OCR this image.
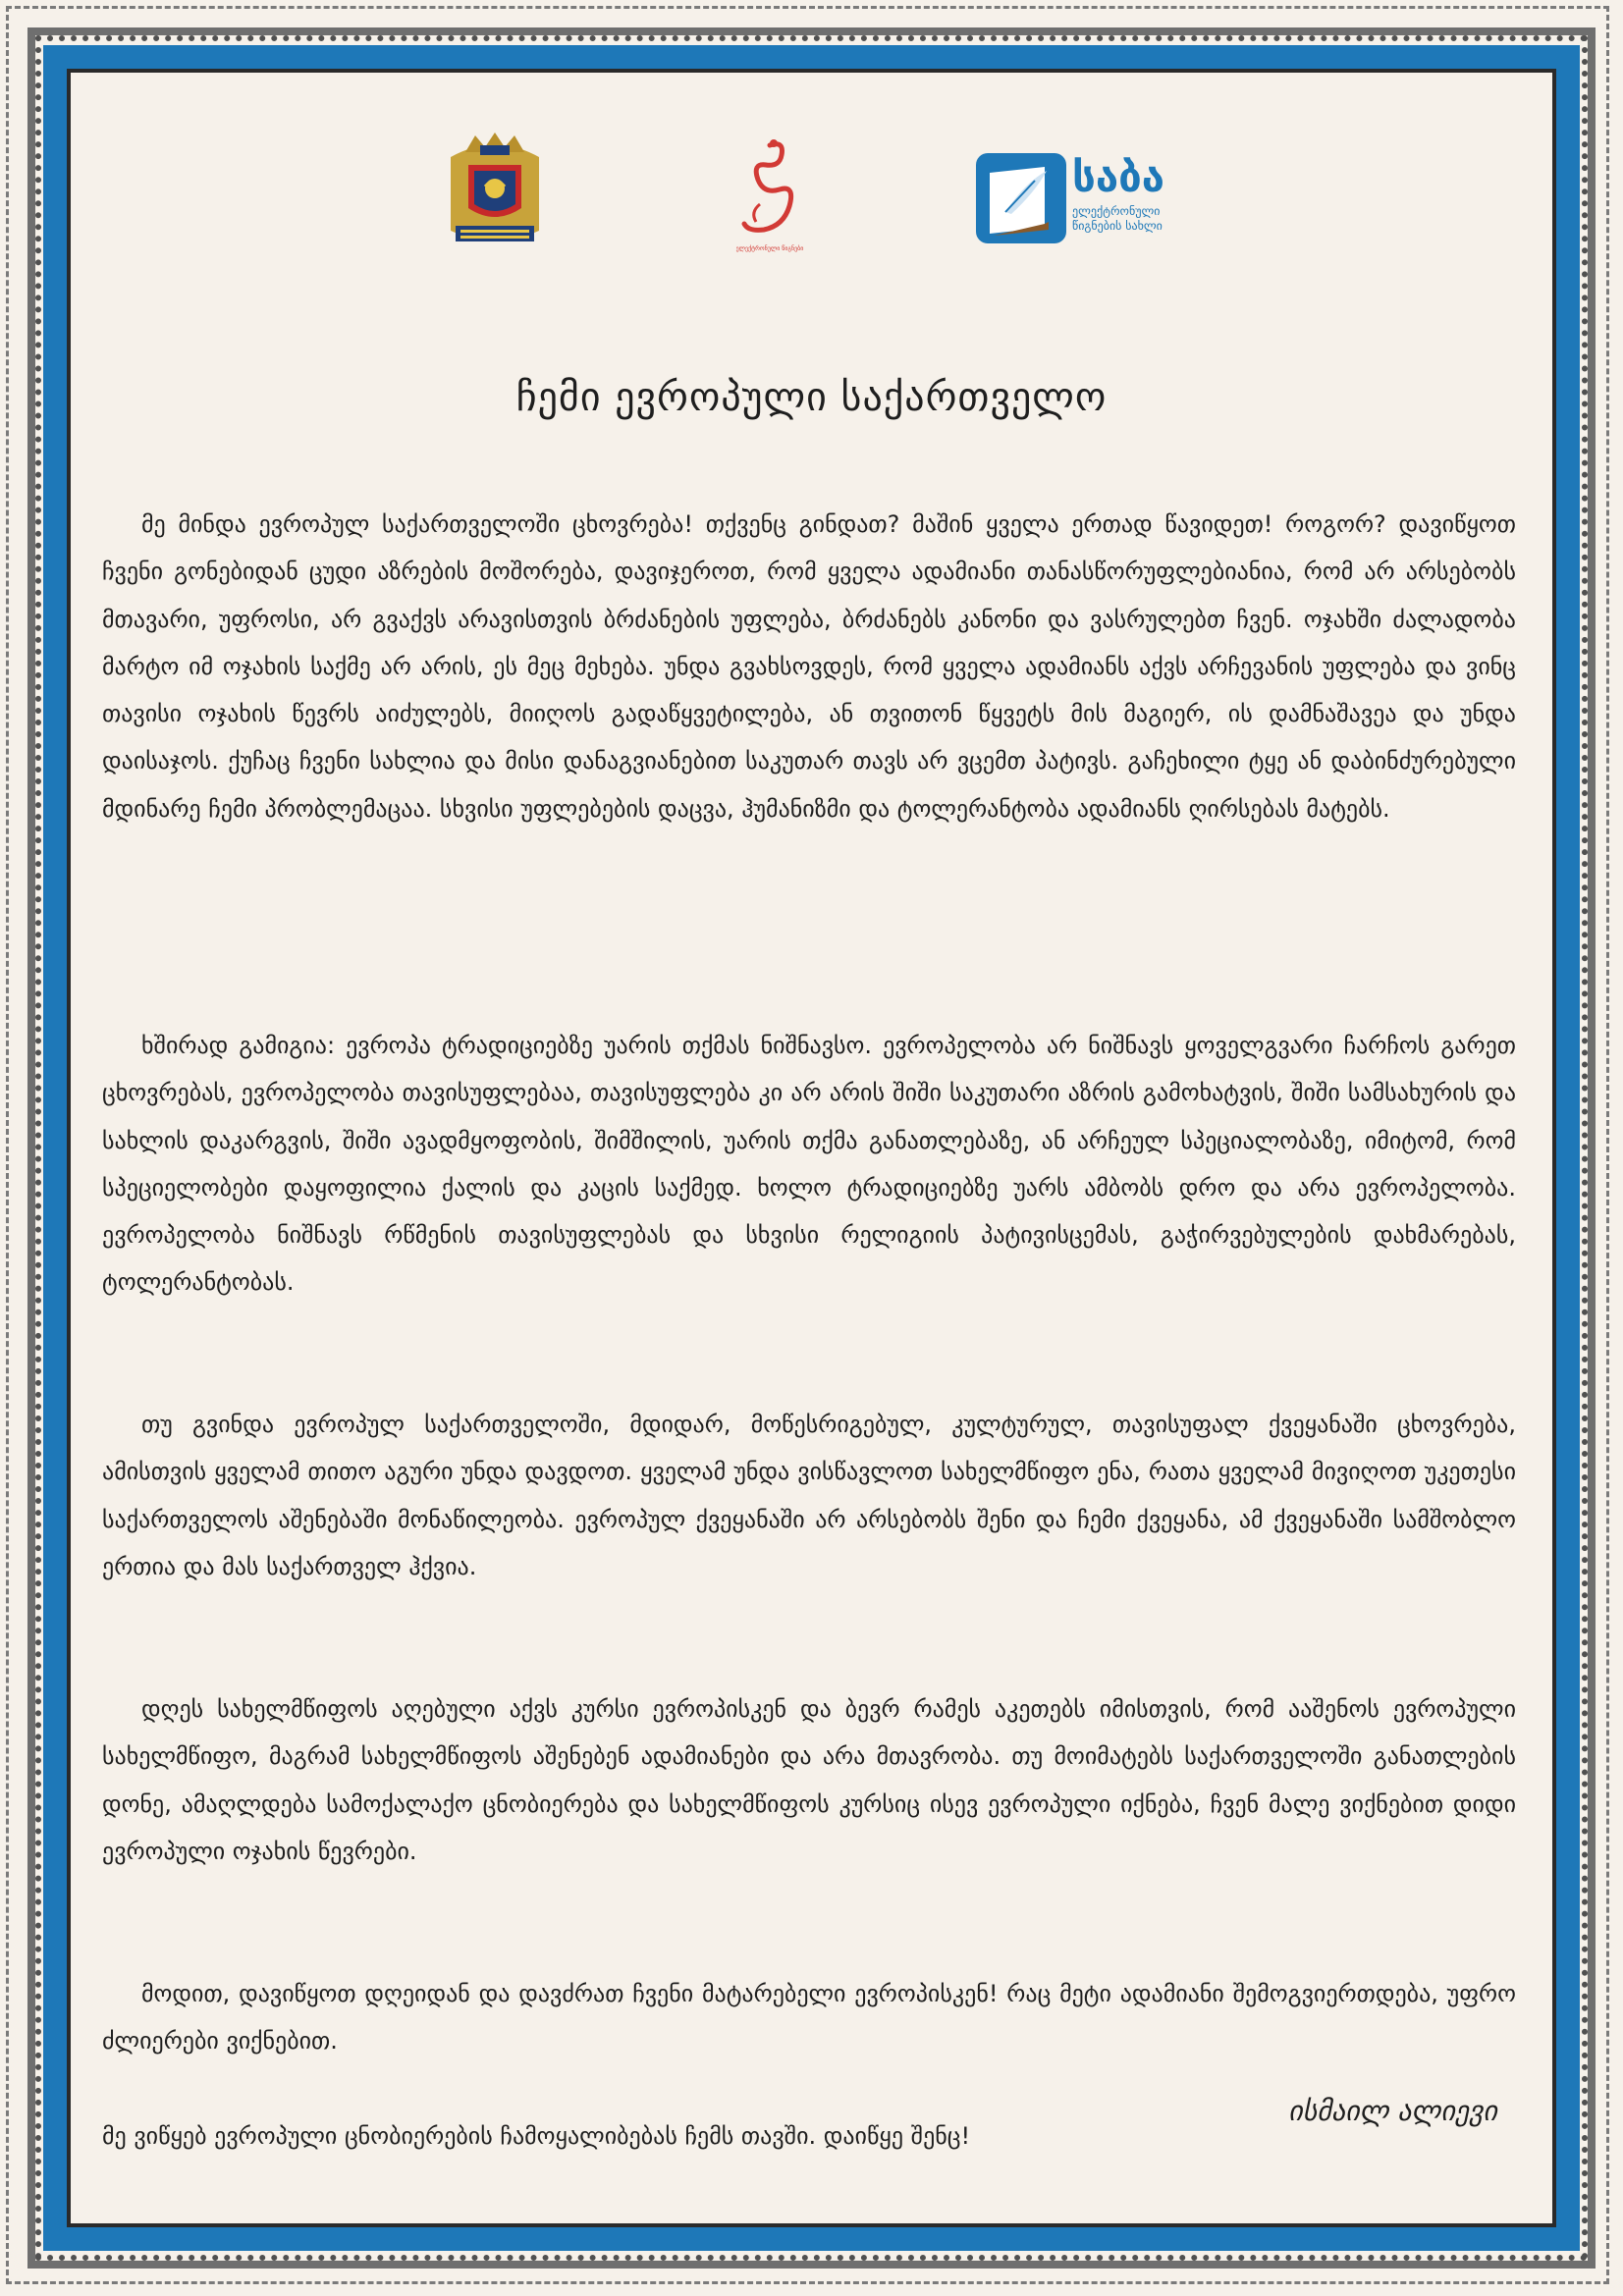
ელექტრონული წიგნები
საბა
ელექტრონული წიგნების სახლი
ჩემი ევროპული საქართველო

მე მინდა ევროპულ საქართველოში ცხოვრება! თქვენც გინდათ? მაშინ ყველა ერთად წავიდეთ! როგორ? დავიწყოთ ჩვენი გონებიდან ცუდი აზრების მოშორება, დავიჯეროთ, რომ ყველა ადამიანი თანასწორუფლებიანია, რომ არ არსებობს მთავარი, უფროსი, არ გვაქვს არავისთვის ბრძანების უფლება, ბრძანებს კანონი და ვასრულებთ ჩვენ. ოჯახში ძალადობა მარტო იმ ოჯახის საქმე არ არის, ეს მეც მეხება. უნდა გვახსოვდეს, რომ ყველა ადამიანს აქვს არჩევანის უფლება და ვინც თავისი ოჯახის წევრს აიძულებს, მიიღოს გადაწყვეტილება, ან თვითონ წყვეტს მის მაგიერ, ის დამნაშავეა და უნდა დაისაჯოს. ქუჩაც ჩვენი სახლია და მისი დანაგვიანებით საკუთარ თავს არ ვცემთ პატივს. გაჩეხილი ტყე ან დაბინძურებული მდინარე ჩემი პრობლემაცაა. სხვისი უფლებების დაცვა, ჰუმანიზმი და ტოლერანტობა ადამიანს ღირსებას მატებს.

ხშირად გამიგია: ევროპა ტრადიციებზე უარის თქმას ნიშნავსო. ევროპელობა არ ნიშნავს ყოველგვარი ჩარჩოს გარეთ ცხოვრებას, ევროპელობა თავისუფლებაა, თავისუფლება კი არ არის შიში საკუთარი აზრის გამოხატვის, შიში სამსახურის და სახლის დაკარგვის, შიში ავადმყოფობის, შიმშილის, უარის თქმა განათლებაზე, ან არჩეულ სპეციალობაზე, იმიტომ, რომ სპეციელობები დაყოფილია ქალის და კაცის საქმედ. ხოლო ტრადიციებზე უარს ამბობს დრო და არა ევროპელობა. ევროპელობა ნიშნავს რწმენის თავისუფლებას და სხვისი რელიგიის პატივისცემას, გაჭირვებულების დახმარებას, ტოლერანტობას.

თუ გვინდა ევროპულ საქართველოში, მდიდარ, მოწესრიგებულ, კულტურულ, თავისუფალ ქვეყანაში ცხოვრება, ამისთვის ყველამ თითო აგური უნდა დავდოთ. ყველამ უნდა ვისწავლოთ სახელმწიფო ენა, რათა ყველამ მივიღოთ უკეთესი საქართველოს აშენებაში მონაწილეობა. ევროპულ ქვეყანაში არ არსებობს შენი და ჩემი ქვეყანა, ამ ქვეყანაში სამშობლო ერთია და მას საქართველ ჰქვია.

დღეს სახელმწიფოს აღებული აქვს კურსი ევროპისკენ და ბევრ რამეს აკეთებს იმისთვის, რომ ააშენოს ევროპული სახელმწიფო, მაგრამ სახელმწიფოს აშენებენ ადამიანები და არა მთავრობა. თუ მოიმატებს საქართველოში განათლების დონე, ამაღლდება სამოქალაქო ცნობიერება და სახელმწიფოს კურსიც ისევ ევროპული იქნება, ჩვენ მალე ვიქნებით დიდი ევროპული ოჯახის წევრები.

მოდით, დავიწყოთ დღეიდან და დავძრათ ჩვენი მატარებელი ევროპისკენ! რაც მეტი ადამიანი შემოგვიერთდება, უფრო ძლიერები ვიქნებით.

მე ვიწყებ ევროპული ცნობიერების ჩამოყალიბებას ჩემს თავში. დაიწყე შენც!

ისმაილ ალიევი
